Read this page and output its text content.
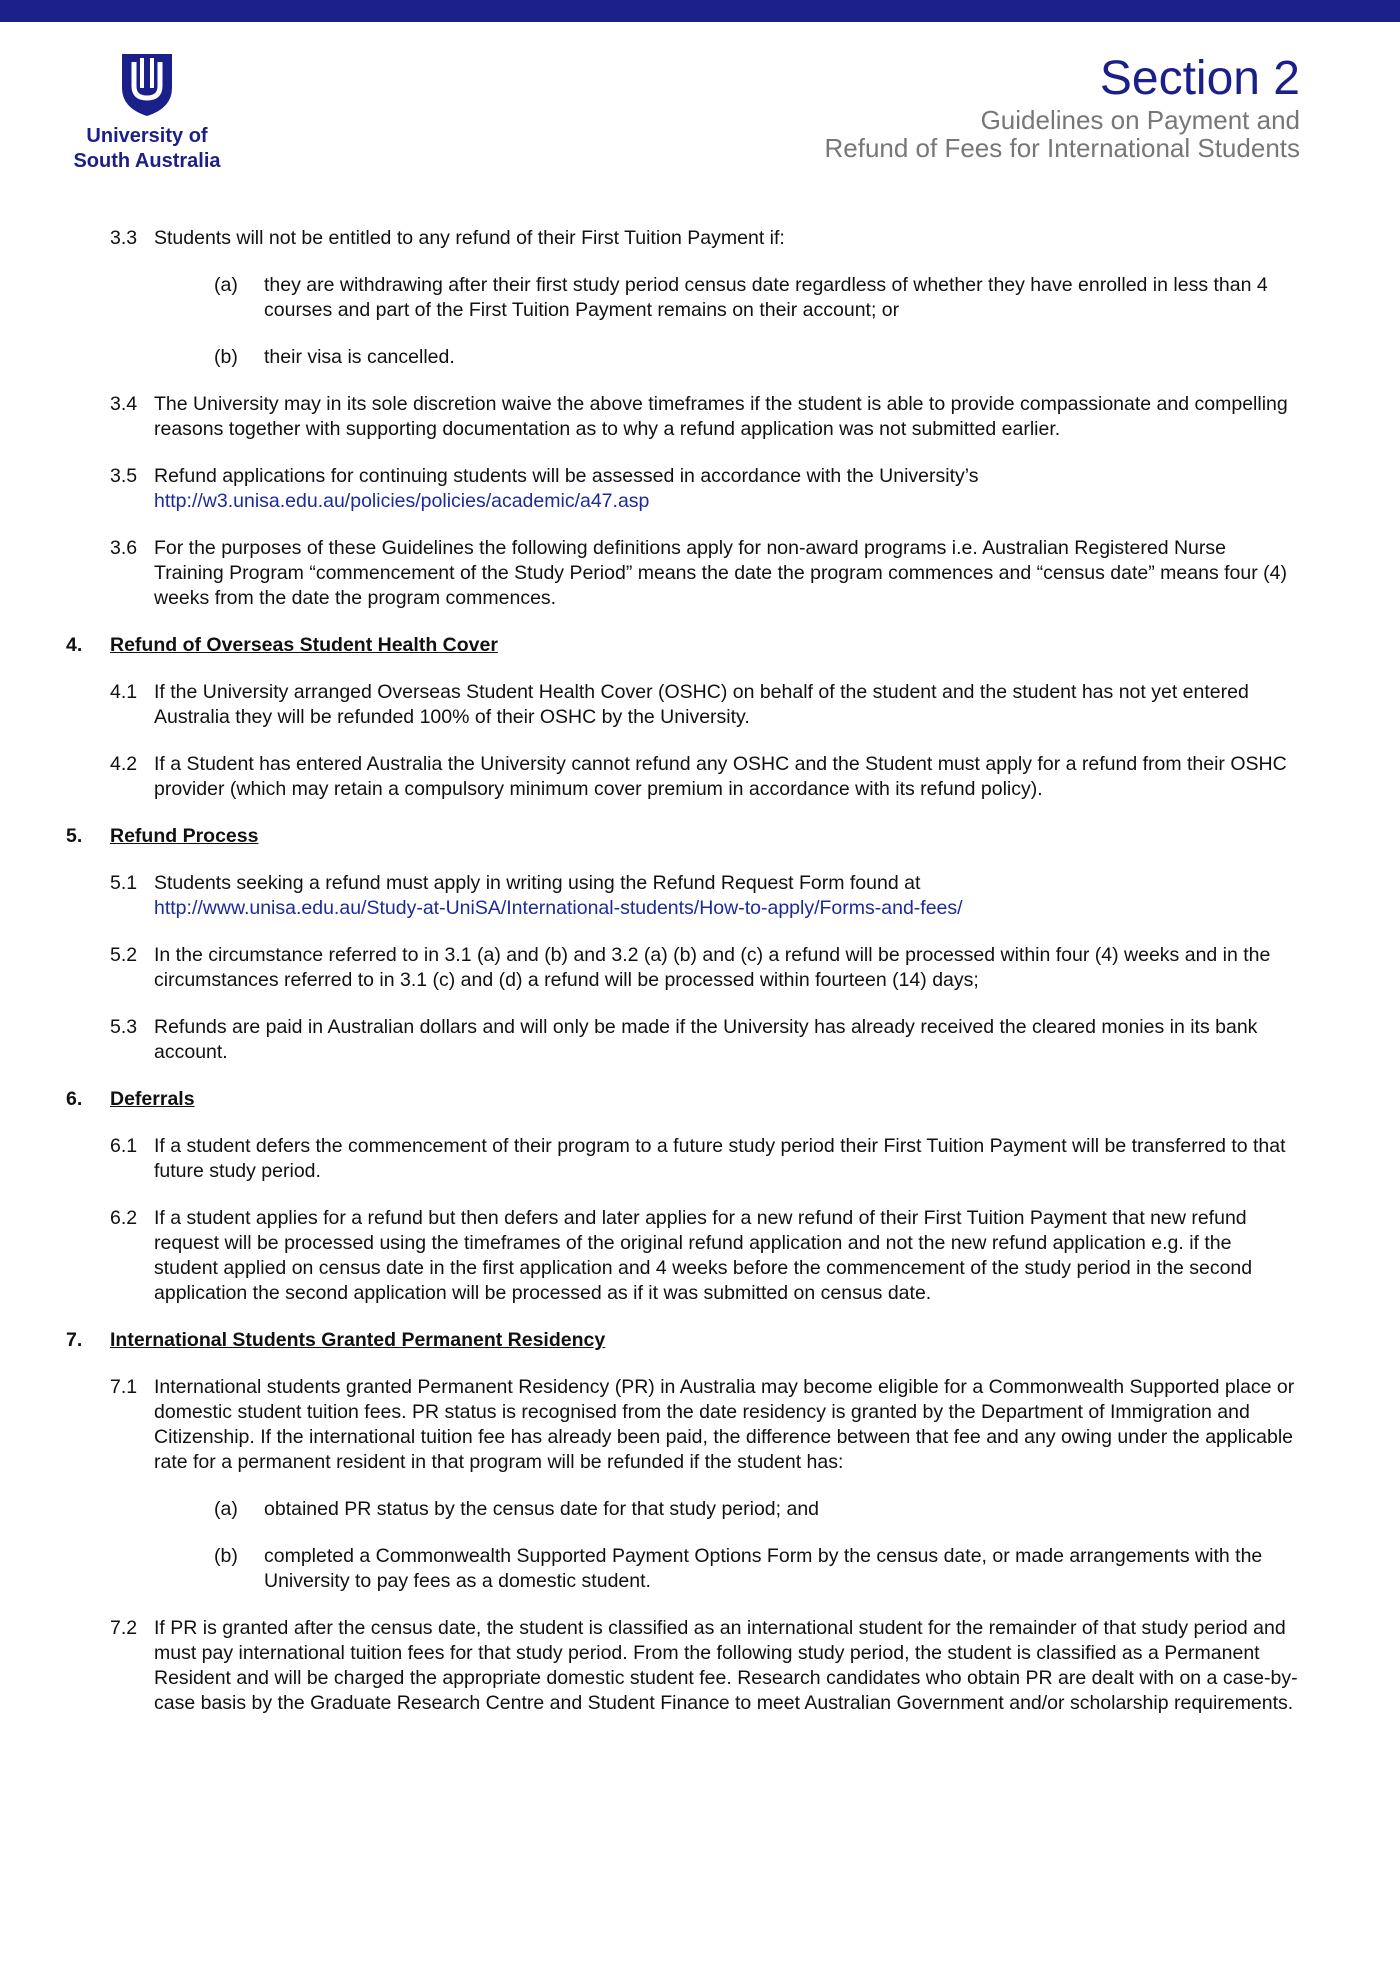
University of
South Australia
Section 2
Guidelines on Payment and
Refund of Fees for International Students
3.3 Students will not be entitled to any refund of their First Tuition Payment if:
(a)	they are withdrawing after their first study period census date regardless of whether they have enrolled in less than 4 courses and part of the First Tuition Payment remains on their account; or
(b)	their visa is cancelled.
3.4 The University may in its sole discretion waive the above timeframes if the student is able to provide compassionate and compelling reasons together with supporting documentation as to why a refund application was not submitted earlier.
3.5 Refund applications for continuing students will be assessed in accordance with the University’s
http://w3.unisa.edu.au/policies/policies/academic/a47.asp
3.6 For the purposes of these Guidelines the following definitions apply for non-award programs i.e. Australian Registered Nurse Training Program “commencement of the Study Period” means the date the program commences and “census date” means four (4) weeks from the date the program commences.
4.	Refund of Overseas Student Health Cover
4.1 If the University arranged Overseas Student Health Cover (OSHC) on behalf of the student and the student has not yet entered Australia they will be refunded 100% of their OSHC by the University.
4.2 If a Student has entered Australia the University cannot refund any OSHC and the Student must apply for a refund from their OSHC provider (which may retain a compulsory minimum cover premium in accordance with its refund policy).
5.	Refund Process
5.1 Students seeking a refund must apply in writing using the Refund Request Form found at
http://www.unisa.edu.au/Study-at-UniSA/International-students/How-to-apply/Forms-and-fees/
5.2 In the circumstance referred to in 3.1 (a) and (b) and 3.2 (a) (b) and (c) a refund will be processed within four (4) weeks and in the circumstances referred to in 3.1 (c) and (d) a refund will be processed within fourteen (14) days;
5.3 Refunds are paid in Australian dollars and will only be made if the University has already received the cleared monies in its bank account.
6.	Deferrals
6.1 If a student defers the commencement of their program to a future study period their First Tuition Payment will be transferred to that future study period.
6.2 If a student applies for a refund but then defers and later applies for a new refund of their First Tuition Payment that new refund request will be processed using the timeframes of the original refund application and not the new refund application e.g. if the student applied on census date in the first application and 4 weeks before the commencement of the study period in the second application the second application will be processed as if it was submitted on census date.
7.	International Students Granted Permanent Residency
7.1 International students granted Permanent Residency (PR) in Australia may become eligible for a Commonwealth Supported place or domestic student tuition fees. PR status is recognised from the date residency is granted by the Department of Immigration and Citizenship. If the international tuition fee has already been paid, the difference between that fee and any owing under the applicable rate for a permanent resident in that program will be refunded if the student has:
(a)	obtained PR status by the census date for that study period; and
(b)	completed a Commonwealth Supported Payment Options Form by the census date, or made arrangements with the University to pay fees as a domestic student.
7.2 If PR is granted after the census date, the student is classified as an international student for the remainder of that study period and must pay international tuition fees for that study period. From the following study period, the student is classified as a Permanent Resident and will be charged the appropriate domestic student fee. Research candidates who obtain PR are dealt with on a case-by-case basis by the Graduate Research Centre and Student Finance to meet Australian Government and/or scholarship requirements.
